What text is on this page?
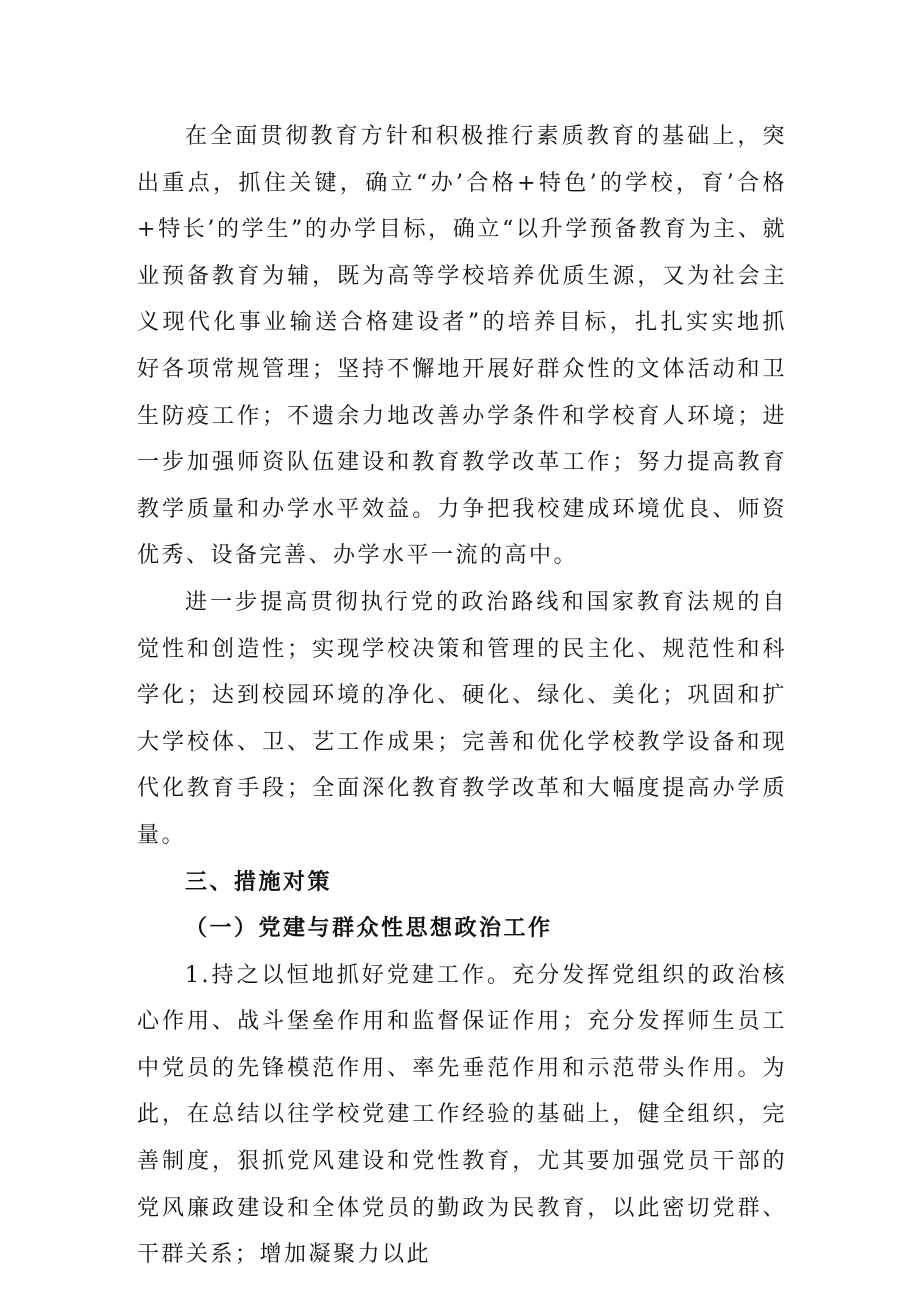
在全面贯彻教育方针和积极推行素质教育的基础上，突出重点，抓住关键，确立“办’合格+特色’的学校，育’合格+特长’的学生”的办学目标，确立“以升学预备教育为主、就业预备教育为辅，既为高等学校培养优质生源，又为社会主义现代化事业输送合格建设者”的培养目标，扎扎实实地抓好各项常规管理；坚持不懈地开展好群众性的文体活动和卫生防疫工作；不遗余力地改善办学条件和学校育人环境；进一步加强师资队伍建设和教育教学改革工作；努力提高教育教学质量和办学水平效益。力争把我校建成环境优良、师资优秀、设备完善、办学水平一流的高中。

进一步提高贯彻执行党的政治路线和国家教育法规的自觉性和创造性；实现学校决策和管理的民主化、规范性和科学化；达到校园环境的净化、硬化、绿化、美化；巩固和扩大学校体、卫、艺工作成果；完善和优化学校教学设备和现代化教育手段；全面深化教育教学改革和大幅度提高办学质量。

三、措施对策

（一）党建与群众性思想政治工作

1.持之以恒地抓好党建工作。充分发挥党组织的政治核心作用、战斗堡垒作用和监督保证作用；充分发挥师生员工中党员的先锋模范作用、率先垂范作用和示范带头作用。为此，在总结以往学校党建工作经验的基础上，健全组织，完善制度，狠抓党风建设和党性教育，尤其要加强党员干部的党风廉政建设和全体党员的勤政为民教育，以此密切党群、干群关系；增加凝聚力以此
